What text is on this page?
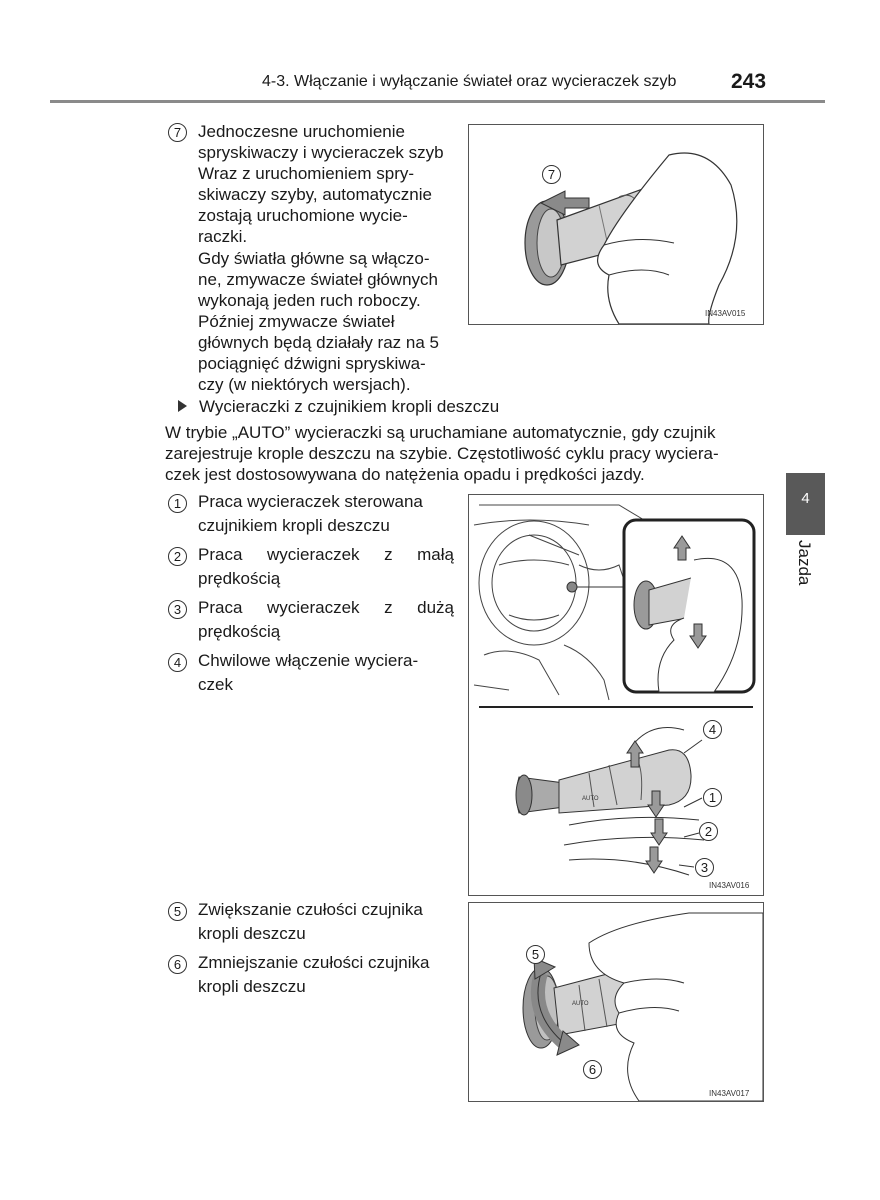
4-3. Włączanie i wyłączanie świateł oraz wycieraczek szyb	243
4
Jazda
7 Jednoczesne uruchomienie
spryskiwaczy i wycieraczek szyb
Wraz z uruchomieniem spry-
skiwaczy szyby, automatycznie
zostają uruchomione wycie-
raczki.
Gdy światła główne są włączo-
ne, zmywacze świateł głównych
wykonają jeden ruch roboczy.
Później zmywacze świateł
głównych będą działały raz na 5
pociągnięć dźwigni spryskiwa-
czy (w niektórych wersjach).
7
IN43AV015
Wycieraczki z czujnikiem kropli deszczu
W trybie „AUTO” wycieraczki są uruchamiane automatycznie, gdy czujnik
zarejestruje krople deszczu na szybie. Częstotliwość cyklu pracy wyciera-
czek jest dostosowywana do natężenia opadu i prędkości jazdy.
1 Praca wycieraczek sterowana
czujnikiem kropli deszczu
2 Praca wycieraczek z małą
prędkością
3 Praca wycieraczek z dużą
prędkością
4 Chwilowe włączenie wyciera-
czek
AUTO
4
1
2
3
IN43AV016
5 Zwiększanie czułości czujnika
kropli deszczu
6 Zmniejszanie czułości czujnika
kropli deszczu
AUTO
5
6
IN43AV017
